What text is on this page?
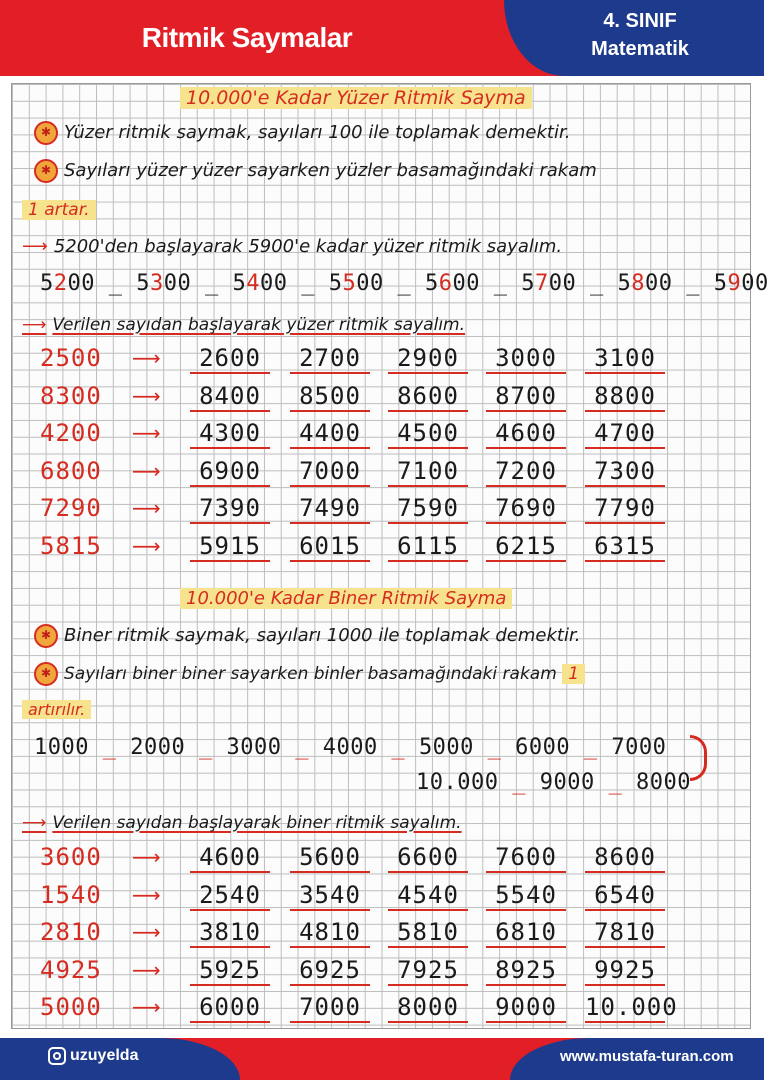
Ritmik Saymalar
4. SINIF
Matematik
10.000'e Kadar Yüzer Ritmik Sayma
✱ Yüzer ritmik saymak, sayıları 100 ile toplamak demektir.
✱ Sayıları yüzer yüzer sayarken yüzler basamağındaki rakam
1 artar.
⟶ 5200'den başlayarak 5900'e kadar yüzer ritmik sayalım.
5200 _ 5300 _ 5400 _ 5500 _ 5600 _ 5700 _ 5800 _ 5900
⟶ Verilen sayıdan başlayarak yüzer ritmik sayalım.
2500 ⟶	2600	2700	2900	3000	3100
8300 ⟶	8400	8500	8600	8700	8800
4200 ⟶	4300	4400	4500	4600	4700
6800 ⟶	6900	7000	7100	7200	7300
7290 ⟶	7390	7490	7590	7690	7790
5815 ⟶	5915	6015	6115	6215	6315
10.000'e Kadar Biner Ritmik Sayma
✱ Biner ritmik saymak, sayıları 1000 ile toplamak demektir.
✱ Sayıları biner biner sayarken binler basamağındaki rakam 1
artırılır.
1000 _ 2000 _ 3000 _ 4000 _ 5000 _ 6000 _ 7000
10.000 _ 9000 _ 8000
⟶ Verilen sayıdan başlayarak biner ritmik sayalım.
3600 ⟶	4600	5600	6600	7600	8600
1540 ⟶	2540	3540	4540	5540	6540
2810 ⟶	3810	4810	5810	6810	7810
4925 ⟶	5925	6925	7925	8925	9925
5000 ⟶	6000	7000	8000	9000	10.000
uzuyelda	www.mustafa-turan.com
